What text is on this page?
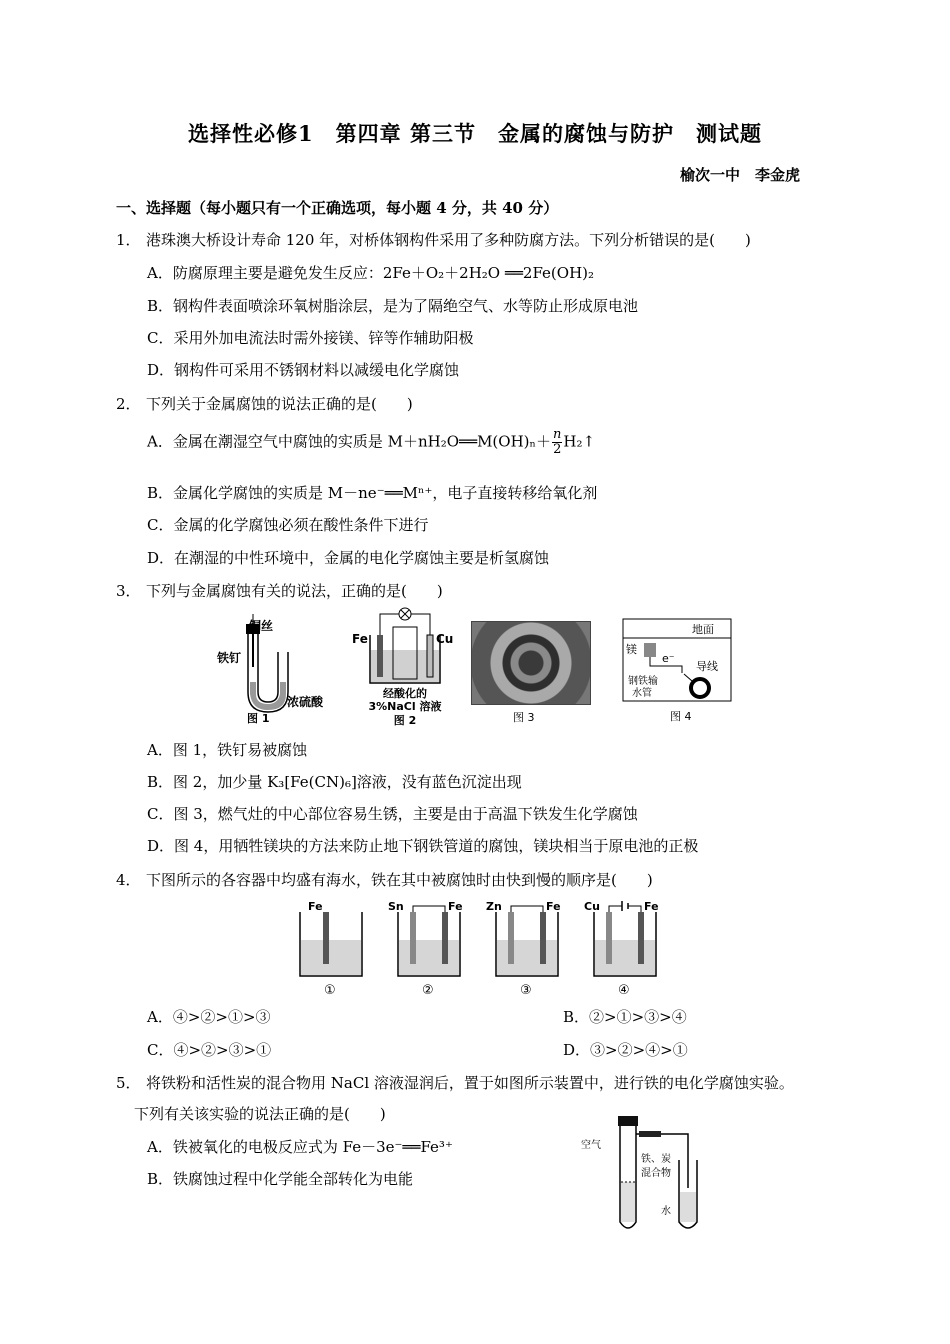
选择性必修1　第四章 第三节　金属的腐蚀与防护　测试题
榆次一中　李金虎
一、选择题（每小题只有一个正确选项，每小题 4 分，共 40 分）
1． 港珠澳大桥设计寿命 120 年，对桥体钢构件采用了多种防腐方法。下列分析错误的是(　　)
A．防腐原理主要是避免发生反应：2Fe＋O₂＋2H₂O ══2Fe(OH)₂
B．钢构件表面喷涂环氧树脂涂层，是为了隔绝空气、水等防止形成原电池
C．采用外加电流法时需外接镁、锌等作辅助阳极
D．钢构件可采用不锈钢材料以减缓电化学腐蚀
2． 下列关于金属腐蚀的说法正确的是(　　)
A．金属在潮湿空气中腐蚀的实质是 M＋nH₂O══M(OH)ₙ＋ $\frac{n}{2}$ H₂↑
B．金属化学腐蚀的实质是 M－ne⁻══Mⁿ⁺，电子直接转移给氧化剂
C．金属的化学腐蚀必须在酸性条件下进行
D．在潮湿的中性环境中，金属的电化学腐蚀主要是析氢腐蚀
3． 下列与金属腐蚀有关的说法，正确的是(　　)
铜丝
铁钉
浓硫酸
图 1
Fe	Cu
经酸化的
3%NaCl 溶液
图 2	图 3
镁
地面
e⁻
导线
钢铁输
水管
图 4
A．图 1，铁钉易被腐蚀
B．图 2，加少量 K₃[Fe(CN)₆]溶液，没有蓝色沉淀出现
C．图 3，燃气灶的中心部位容易生锈，主要是由于高温下铁发生化学腐蚀
D．图 4，用牺牲镁块的方法来防止地下钢铁管道的腐蚀，镁块相当于原电池的正极
4． 下图所示的各容器中均盛有海水，铁在其中被腐蚀时由快到慢的顺序是(　　)
Fe
①
Sn	Fe
②
Zn	Fe
③
Cu	Fe
④
A．④>②>①>③	B．②>①>③>④
C．④>②>③>①	D．③>②>④>①
5． 将铁粉和活性炭的混合物用 NaCl 溶液湿润后，置于如图所示装置中，进行铁的电化学腐蚀实验。
下列有关该实验的说法正确的是(　　)
A．铁被氧化的电极反应式为 Fe－3e⁻══Fe³⁺
B．铁腐蚀过程中化学能全部转化为电能
空气
铁、炭
混合物
水
